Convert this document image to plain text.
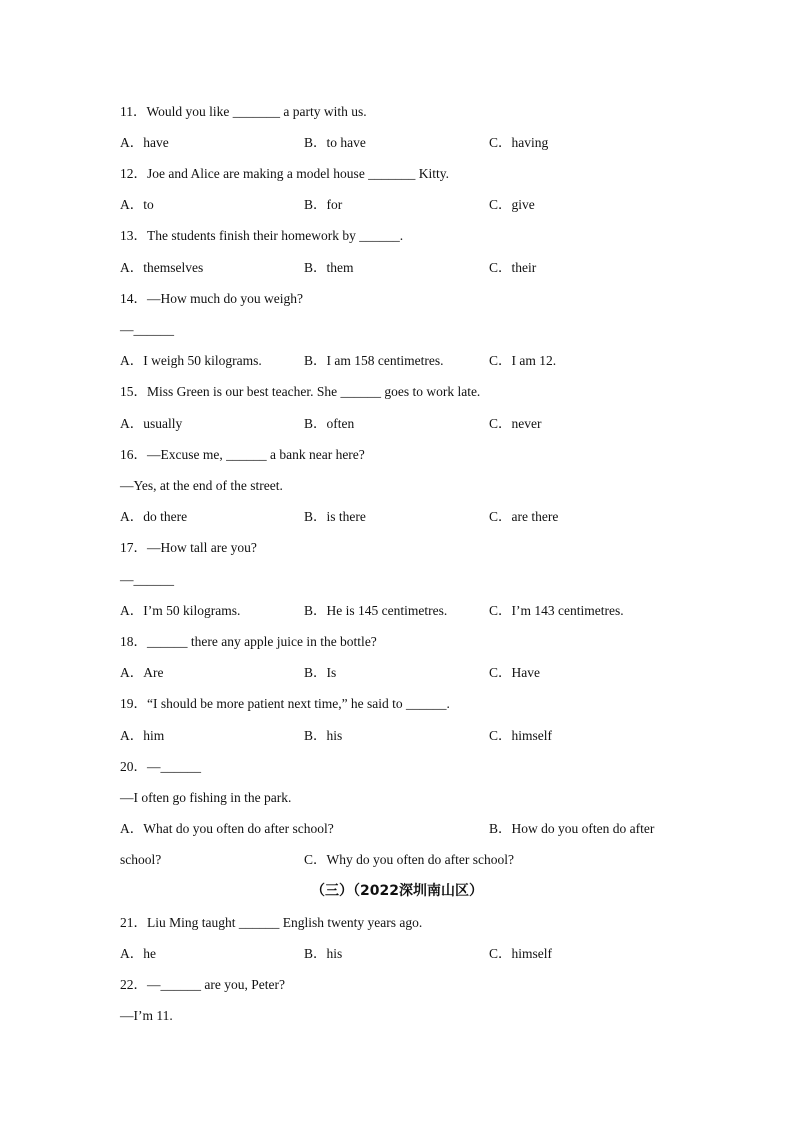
11．Would you like _______ a party with us.
A．have	B．to have	C．having
12．Joe and Alice are making a model house _______ Kitty.
A．to	B．for	C．give
13．The students finish their homework by ______.
A．themselves	B．them	C．their
14．—How much do you weigh?
—______
A．I weigh 50 kilograms.	B．I am 158 centimetres.	C．I am 12.
15．Miss Green is our best teacher. She ______ goes to work late.
A．usually	B．often	C．never
16．—Excuse me, ______ a bank near here?
—Yes, at the end of the street.
A．do there	B．is there	C．are there
17．—How tall are you?
—______
A．I’m 50 kilograms.	B．He is 145 centimetres.	C．I’m 143 centimetres.
18．______ there any apple juice in the bottle?
A．Are	B．Is	C．Have
19．“I should be more patient next time,” he said to ______.
A．him	B．his	C．himself
20．—______
—I often go fishing in the park.
A．What do you often do after school?	B．How do you often do after
school?	C．Why do you often do after school?
（三）（2022深圳南山区）
21．Liu Ming taught ______ English twenty years ago.
A．he	B．his	C．himself
22．—______ are you, Peter?
—I’m 11.
